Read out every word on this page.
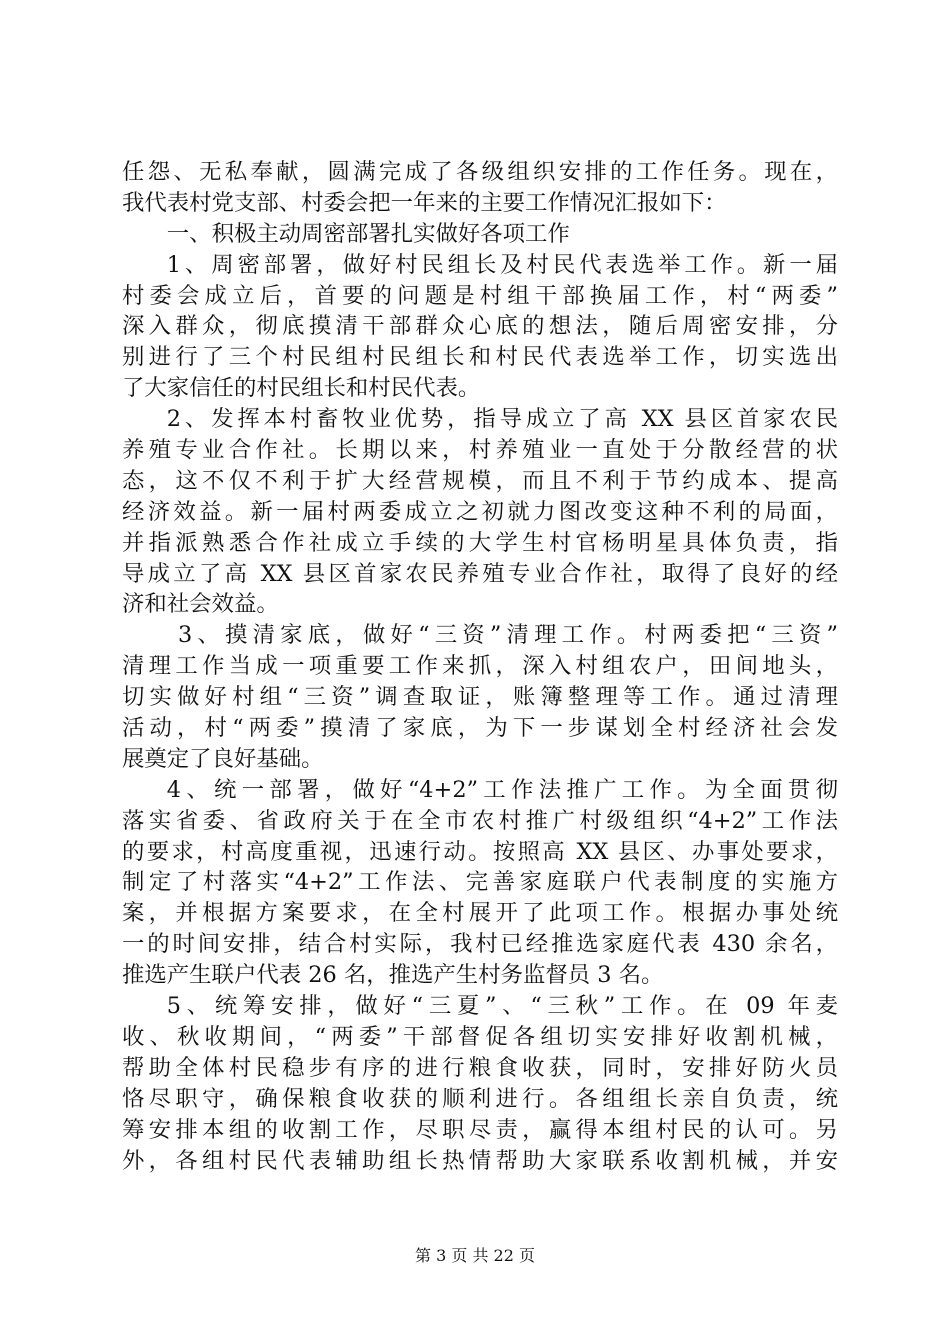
任怨、无私奉献，圆满完成了各级组织安排的工作任务。现在，
我代表村党支部、村委会把一年来的主要工作情况汇报如下：
一、积极主动周密部署扎实做好各项工作
1、周密部署，做好村民组长及村民代表选举工作。新一届
村委会成立后，首要的问题是村组干部换届工作，村“两委”
深入群众，彻底摸清干部群众心底的想法，随后周密安排，分
别进行了三个村民组村民组长和村民代表选举工作，切实选出
了大家信任的村民组长和村民代表。
2、发挥本村畜牧业优势，指导成立了高 XX 县区首家农民
养殖专业合作社。长期以来，村养殖业一直处于分散经营的状
态，这不仅不利于扩大经营规模，而且不利于节约成本、提高
经济效益。新一届村两委成立之初就力图改变这种不利的局面，
并指派熟悉合作社成立手续的大学生村官杨明星具体负责，指
导成立了高 XX 县区首家农民养殖专业合作社，取得了良好的经
济和社会效益。
3、摸清家底，做好“三资”清理工作。村两委把“三资”
清理工作当成一项重要工作来抓，深入村组农户，田间地头，
切实做好村组“三资”调查取证，账簿整理等工作。通过清理
活动，村“两委”摸清了家底，为下一步谋划全村经济社会发
展奠定了良好基础。
4、统一部署，做好“4+2”工作法推广工作。为全面贯彻
落实省委、省政府关于在全市农村推广村级组织“4+2”工作法
的要求，村高度重视，迅速行动。按照高 XX 县区、办事处要求，
制定了村落实“4+2”工作法、完善家庭联户代表制度的实施方
案，并根据方案要求，在全村展开了此项工作。根据办事处统
一的时间安排，结合村实际，我村已经推选家庭代表 430 余名，
推选产生联户代表 26 名，推选产生村务监督员 3 名。
5、统筹安排，做好“三夏”、“三秋”工作。在 09 年麦
收、秋收期间，“两委”干部督促各组切实安排好收割机械，
帮助全体村民稳步有序的进行粮食收获，同时，安排好防火员
恪尽职守，确保粮食收获的顺利进行。各组组长亲自负责，统
筹安排本组的收割工作，尽职尽责，赢得本组村民的认可。另
外，各组村民代表辅助组长热情帮助大家联系收割机械，并安
第 3 页 共 22 页
